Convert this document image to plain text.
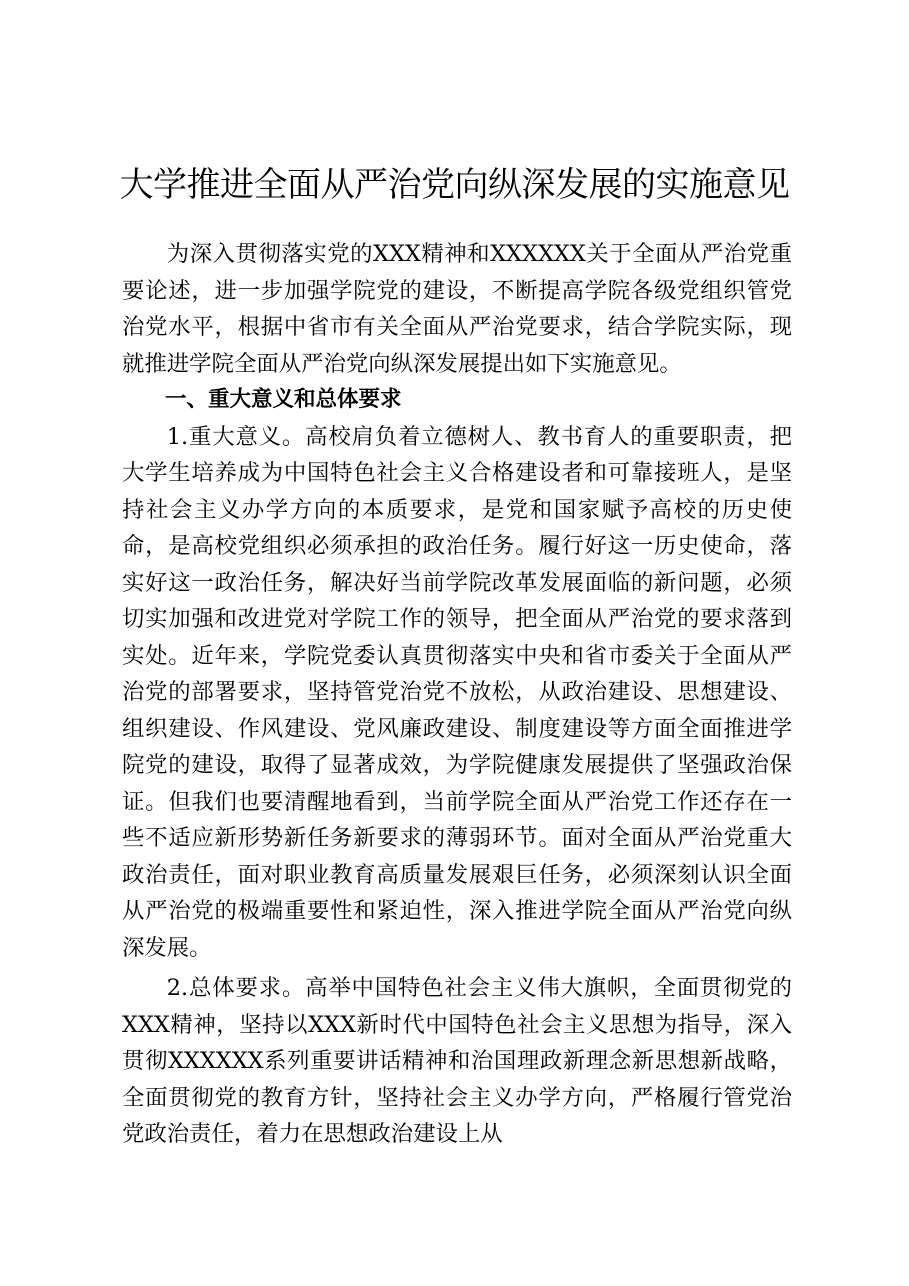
大学推进全面从严治党向纵深发展的实施意见

为深入贯彻落实党的XXX精神和XXXXXX关于全面从严治党重要论述，进一步加强学院党的建设，不断提高学院各级党组织管党治党水平，根据中省市有关全面从严治党要求，结合学院实际，现就推进学院全面从严治党向纵深发展提出如下实施意见。

一、重大意义和总体要求

1.重大意义。高校肩负着立德树人、教书育人的重要职责，把大学生培养成为中国特色社会主义合格建设者和可靠接班人，是坚持社会主义办学方向的本质要求，是党和国家赋予高校的历史使命，是高校党组织必须承担的政治任务。履行好这一历史使命，落实好这一政治任务，解决好当前学院改革发展面临的新问题，必须切实加强和改进党对学院工作的领导，把全面从严治党的要求落到实处。近年来，学院党委认真贯彻落实中央和省市委关于全面从严治党的部署要求，坚持管党治党不放松，从政治建设、思想建设、组织建设、作风建设、党风廉政建设、制度建设等方面全面推进学院党的建设，取得了显著成效，为学院健康发展提供了坚强政治保证。但我们也要清醒地看到，当前学院全面从严治党工作还存在一些不适应新形势新任务新要求的薄弱环节。面对全面从严治党重大政治责任，面对职业教育高质量发展艰巨任务，必须深刻认识全面从严治党的极端重要性和紧迫性，深入推进学院全面从严治党向纵深发展。

2.总体要求。高举中国特色社会主义伟大旗帜，全面贯彻党的XXX精神，坚持以XXX新时代中国特色社会主义思想为指导，深入贯彻XXXXXX系列重要讲话精神和治国理政新理念新思想新战略，全面贯彻党的教育方针，坚持社会主义办学方向，严格履行管党治党政治责任，着力在思想政治建设上从
